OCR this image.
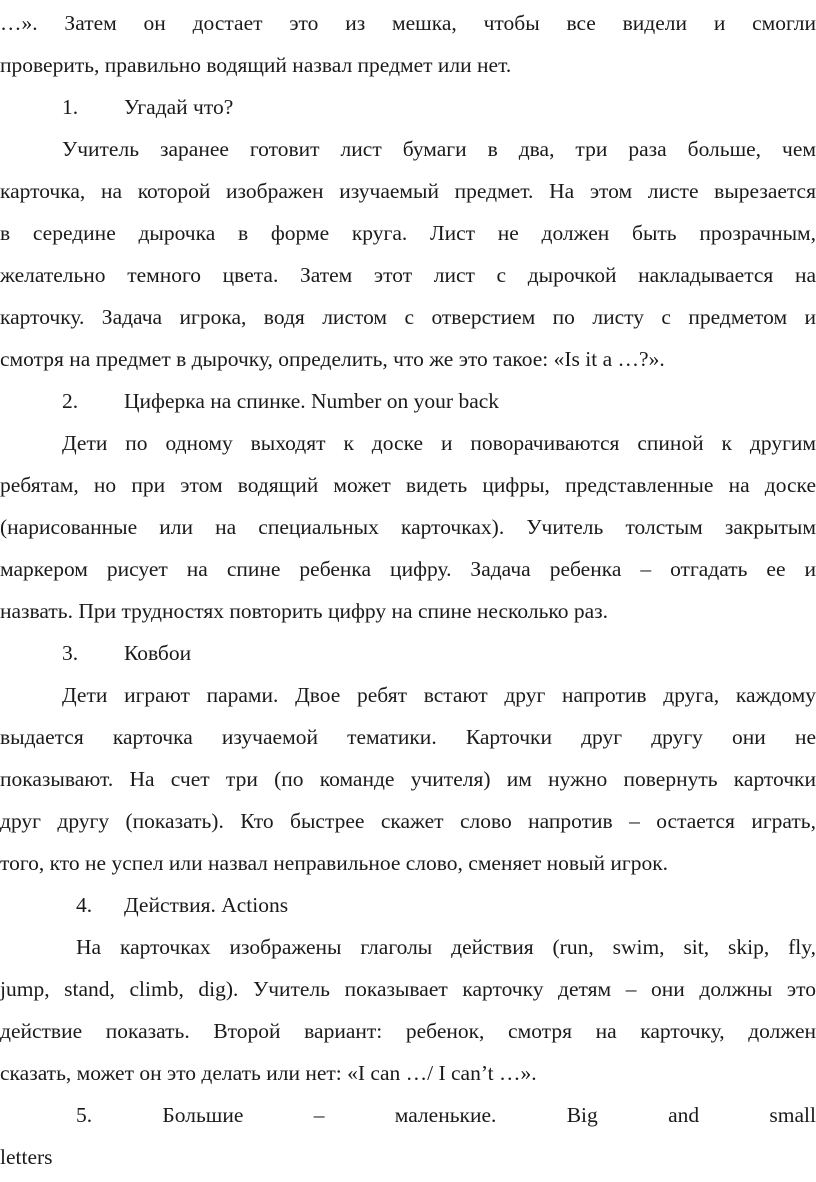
…». Затем он достает это из мешка, чтобы все видели и смогли
проверить, правильно водящий назвал предмет или нет.
1. Угадай что?
Учитель заранее готовит лист бумаги в два, три раза больше, чем
карточка, на которой изображен изучаемый предмет. На этом листе вырезается
в середине дырочка в форме круга. Лист не должен быть прозрачным,
желательно темного цвета. Затем этот лист с дырочкой накладывается на
карточку. Задача игрока, водя листом с отверстием по листу с предметом и
смотря на предмет в дырочку, определить, что же это такое: «Is it a …?».
2. Циферка на спинке. Number on your back
Дети по одному выходят к доске и поворачиваются спиной к другим
ребятам, но при этом водящий может видеть цифры, представленные на доске
(нарисованные или на специальных карточках). Учитель толстым закрытым
маркером рисует на спине ребенка цифру. Задача ребенка – отгадать ее и
назвать. При трудностях повторить цифру на спине несколько раз.
3. Ковбои
Дети играют парами. Двое ребят встают друг напротив друга, каждому
выдается карточка изучаемой тематики. Карточки друг другу они не
показывают. На счет три (по команде учителя) им нужно повернуть карточки
друг другу (показать). Кто быстрее скажет слово напротив – остается играть,
того, кто не успел или назвал неправильное слово, сменяет новый игрок.
4. Действия. Actions
На карточках изображены глаголы действия (run, swim, sit, skip, fly,
jump, stand, climb, dig). Учитель показывает карточку детям – они должны это
действие показать. Второй вариант: ребенок, смотря на карточку, должен
сказать, может он это делать или нет: «I can …/ I can’t …».
5. Большие – маленькие. Big and small
letters
